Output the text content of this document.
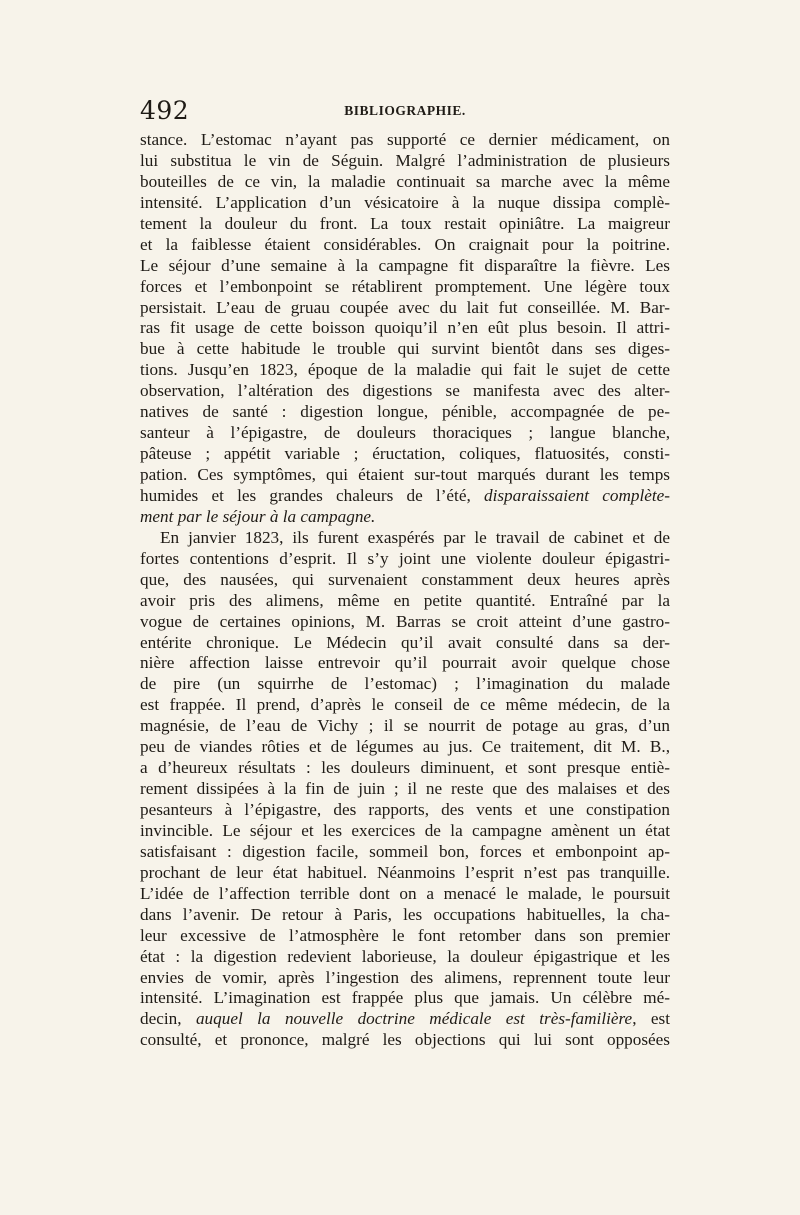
492	BIBLIOGRAPHIE.
stance. L’estomac n’ayant pas supporté ce dernier médicament, on
lui substitua le vin de Séguin. Malgré l’administration de plusieurs
bouteilles de ce vin, la maladie continuait sa marche avec la même
intensité. L’application d’un vésicatoire à la nuque dissipa complè-
tement la douleur du front. La toux restait opiniâtre. La maigreur
et la faiblesse étaient considérables. On craignait pour la poitrine.
Le séjour d’une semaine à la campagne fit disparaître la fièvre. Les
forces et l’embonpoint se rétablirent promptement. Une légère toux
persistait. L’eau de gruau coupée avec du lait fut conseillée. M. Bar-
ras fit usage de cette boisson quoiqu’il n’en eût plus besoin. Il attri-
bue à cette habitude le trouble qui survint bientôt dans ses diges-
tions. Jusqu’en 1823, époque de la maladie qui fait le sujet de cette
observation, l’altération des digestions se manifesta avec des alter-
natives de santé : digestion longue, pénible, accompagnée de pe-
santeur à l’épigastre, de douleurs thoraciques ; langue blanche,
pâteuse ; appétit variable ; éructation, coliques, flatuosités, consti-
pation. Ces symptômes, qui étaient sur-tout marqués durant les temps
humides et les grandes chaleurs de l’été, disparaissaient complète-
ment par le séjour à la campagne.
En janvier 1823, ils furent exaspérés par le travail de cabinet et de
fortes contentions d’esprit. Il s’y joint une violente douleur épigastri-
que, des nausées, qui survenaient constamment deux heures après
avoir pris des alimens, même en petite quantité. Entraîné par la
vogue de certaines opinions, M. Barras se croit atteint d’une gastro-
entérite chronique. Le Médecin qu’il avait consulté dans sa der-
nière affection laisse entrevoir qu’il pourrait avoir quelque chose
de pire (un squirrhe de l’estomac) ; l’imagination du malade
est frappée. Il prend, d’après le conseil de ce même médecin, de la
magnésie, de l’eau de Vichy ; il se nourrit de potage au gras, d’un
peu de viandes rôties et de légumes au jus. Ce traitement, dit M. B.,
a d’heureux résultats : les douleurs diminuent, et sont presque entiè-
rement dissipées à la fin de juin ; il ne reste que des malaises et des
pesanteurs à l’épigastre, des rapports, des vents et une constipation
invincible. Le séjour et les exercices de la campagne amènent un état
satisfaisant : digestion facile, sommeil bon, forces et embonpoint ap-
prochant de leur état habituel. Néanmoins l’esprit n’est pas tranquille.
L’idée de l’affection terrible dont on a menacé le malade, le poursuit
dans l’avenir. De retour à Paris, les occupations habituelles, la cha-
leur excessive de l’atmosphère le font retomber dans son premier
état : la digestion redevient laborieuse, la douleur épigastrique et les
envies de vomir, après l’ingestion des alimens, reprennent toute leur
intensité. L’imagination est frappée plus que jamais. Un célèbre mé-
decin, auquel la nouvelle doctrine médicale est très-familière, est
consulté, et prononce, malgré les objections qui lui sont opposées
